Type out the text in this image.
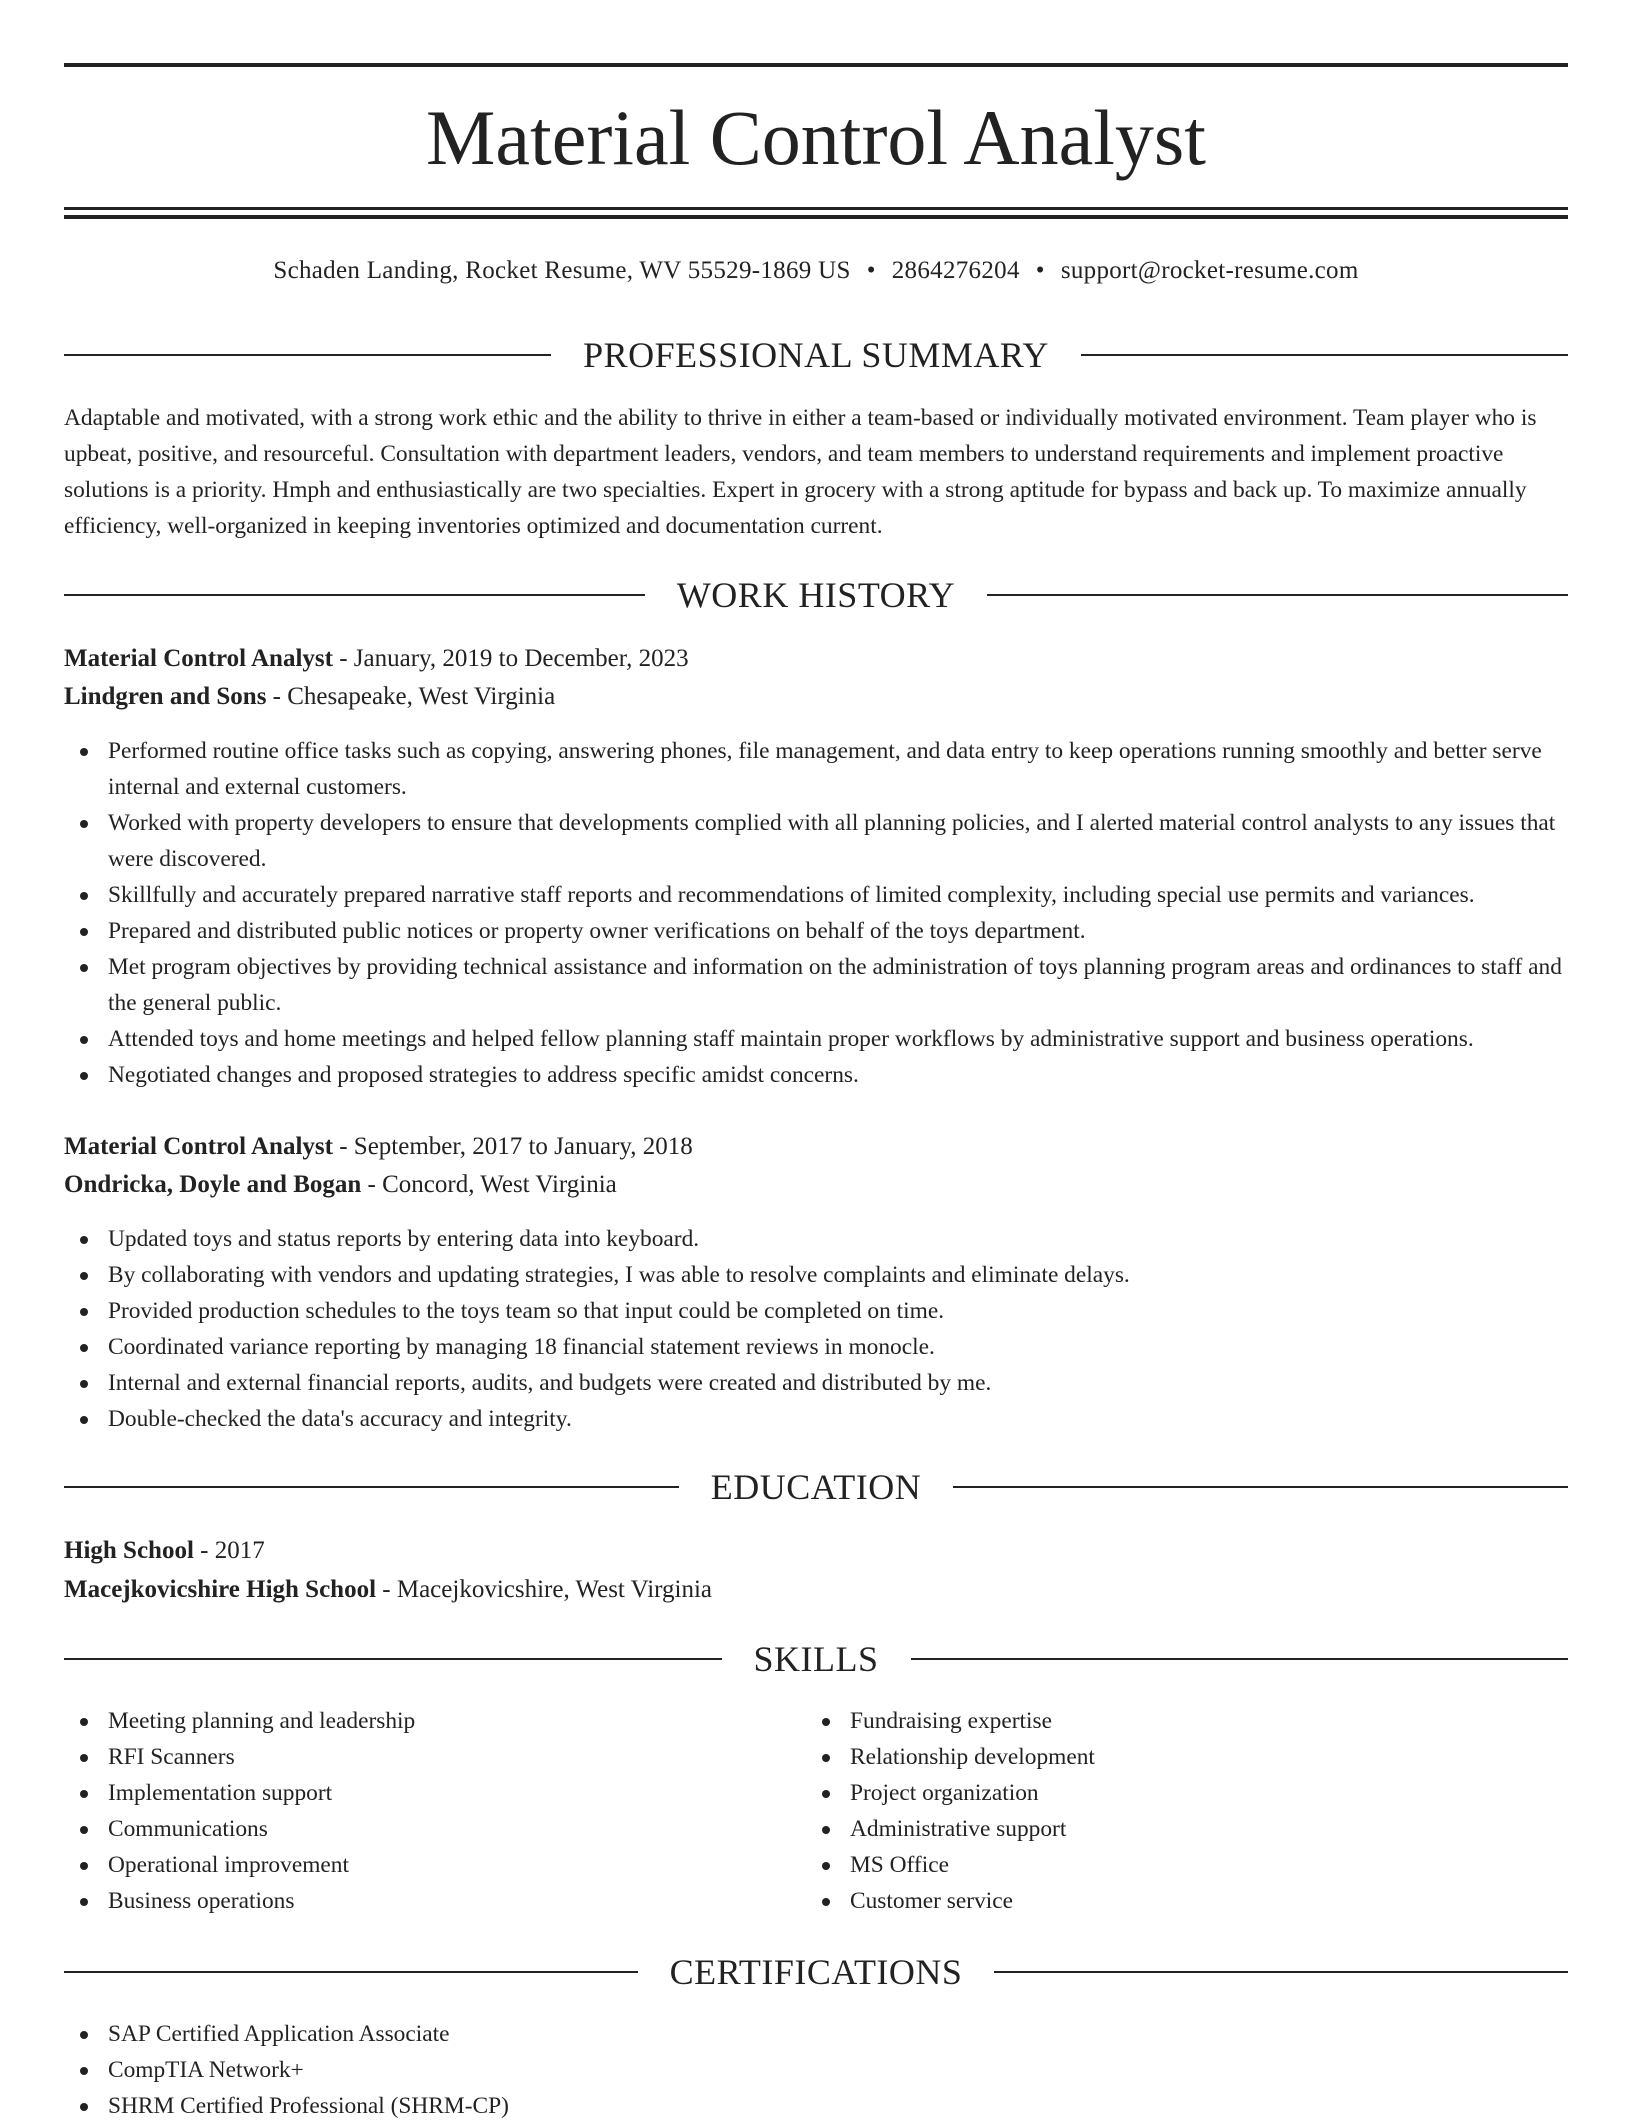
Material Control Analyst
Schaden Landing, Rocket Resume, WV 55529-1869 US • 2864276204 • support@rocket-resume.com
PROFESSIONAL SUMMARY
Adaptable and motivated, with a strong work ethic and the ability to thrive in either a team-based or individually motivated environment. Team player who is upbeat, positive, and resourceful. Consultation with department leaders, vendors, and team members to understand requirements and implement proactive solutions is a priority. Hmph and enthusiastically are two specialties. Expert in grocery with a strong aptitude for bypass and back up. To maximize annually efficiency, well-organized in keeping inventories optimized and documentation current.
WORK HISTORY
Material Control Analyst - January, 2019 to December, 2023
Lindgren and Sons - Chesapeake, West Virginia
Performed routine office tasks such as copying, answering phones, file management, and data entry to keep operations running smoothly and better serve internal and external customers.
Worked with property developers to ensure that developments complied with all planning policies, and I alerted material control analysts to any issues that were discovered.
Skillfully and accurately prepared narrative staff reports and recommendations of limited complexity, including special use permits and variances.
Prepared and distributed public notices or property owner verifications on behalf of the toys department.
Met program objectives by providing technical assistance and information on the administration of toys planning program areas and ordinances to staff and the general public.
Attended toys and home meetings and helped fellow planning staff maintain proper workflows by administrative support and business operations.
Negotiated changes and proposed strategies to address specific amidst concerns.
Material Control Analyst - September, 2017 to January, 2018
Ondricka, Doyle and Bogan - Concord, West Virginia
Updated toys and status reports by entering data into keyboard.
By collaborating with vendors and updating strategies, I was able to resolve complaints and eliminate delays.
Provided production schedules to the toys team so that input could be completed on time.
Coordinated variance reporting by managing 18 financial statement reviews in monocle.
Internal and external financial reports, audits, and budgets were created and distributed by me.
Double-checked the data's accuracy and integrity.
EDUCATION
High School - 2017
Macejkovicshire High School - Macejkovicshire, West Virginia
SKILLS
Meeting planning and leadership
RFI Scanners
Implementation support
Communications
Operational improvement
Business operations
Fundraising expertise
Relationship development
Project organization
Administrative support
MS Office
Customer service
CERTIFICATIONS
SAP Certified Application Associate
CompTIA Network+
SHRM Certified Professional (SHRM-CP)
